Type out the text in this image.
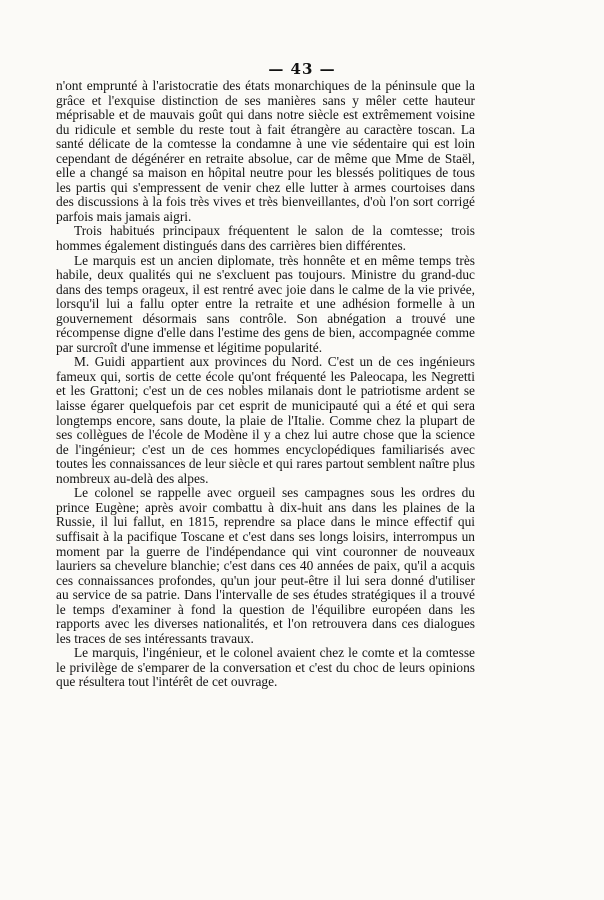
— 43 —

n'ont emprunté à l'aristocratie des états monarchiques de la péninsule que la grâce et l'exquise distinction de ses manières sans y mêler cette hauteur méprisable et de mauvais goût qui dans notre siècle est extrêmement voisine du ridicule et semble du reste tout à fait étrangère au caractère toscan. La santé délicate de la comtesse la condamne à une vie sédentaire qui est loin cependant de dégénérer en retraite absolue, car de même que Mme de Staël, elle a changé sa maison en hôpital neutre pour les blessés politiques de tous les partis qui s'empressent de venir chez elle lutter à armes courtoises dans des discussions à la fois très vives et très bienveillantes, d'où l'on sort corrigé parfois mais jamais aigri.

Trois habitués principaux fréquentent le salon de la comtesse; trois hommes également distingués dans des carrières bien différentes.

Le marquis est un ancien diplomate, très honnête et en même temps très habile, deux qualités qui ne s'excluent pas toujours. Ministre du grand-duc dans des temps orageux, il est rentré avec joie dans le calme de la vie privée, lorsqu'il lui a fallu opter entre la retraite et une adhésion formelle à un gouvernement désormais sans contrôle. Son abnégation a trouvé une récompense digne d'elle dans l'estime des gens de bien, accompagnée comme par surcroît d'une immense et légitime popularité.

M. Guidi appartient aux provinces du Nord. C'est un de ces ingénieurs fameux qui, sortis de cette école qu'ont fréquenté les Paleocapa, les Negretti et les Grattoni; c'est un de ces nobles milanais dont le patriotisme ardent se laisse égarer quelquefois par cet esprit de municipauté qui a été et qui sera longtemps encore, sans doute, la plaie de l'Italie. Comme chez la plupart de ses collègues de l'école de Modène il y a chez lui autre chose que la science de l'ingénieur; c'est un de ces hommes encyclopédiques familiarisés avec toutes les connaissances de leur siècle et qui rares partout semblent naître plus nombreux au-delà des alpes.

Le colonel se rappelle avec orgueil ses campagnes sous les ordres du prince Eugène; après avoir combattu à dix-huit ans dans les plaines de la Russie, il lui fallut, en 1815, reprendre sa place dans le mince effectif qui suffisait à la pacifique Toscane et c'est dans ses longs loisirs, interrompus un moment par la guerre de l'indépendance qui vint couronner de nouveaux lauriers sa chevelure blanchie; c'est dans ces 40 années de paix, qu'il a acquis ces connaissances profondes, qu'un jour peut-être il lui sera donné d'utiliser au service de sa patrie. Dans l'intervalle de ses études stratégiques il a trouvé le temps d'examiner à fond la question de l'équilibre européen dans les rapports avec les diverses nationalités, et l'on retrouvera dans ces dialogues les traces de ses intéressants travaux.

Le marquis, l'ingénieur, et le colonel avaient chez le comte et la comtesse le privilège de s'emparer de la conversation et c'est du choc de leurs opinions que résultera tout l'intérêt de cet ouvrage.
